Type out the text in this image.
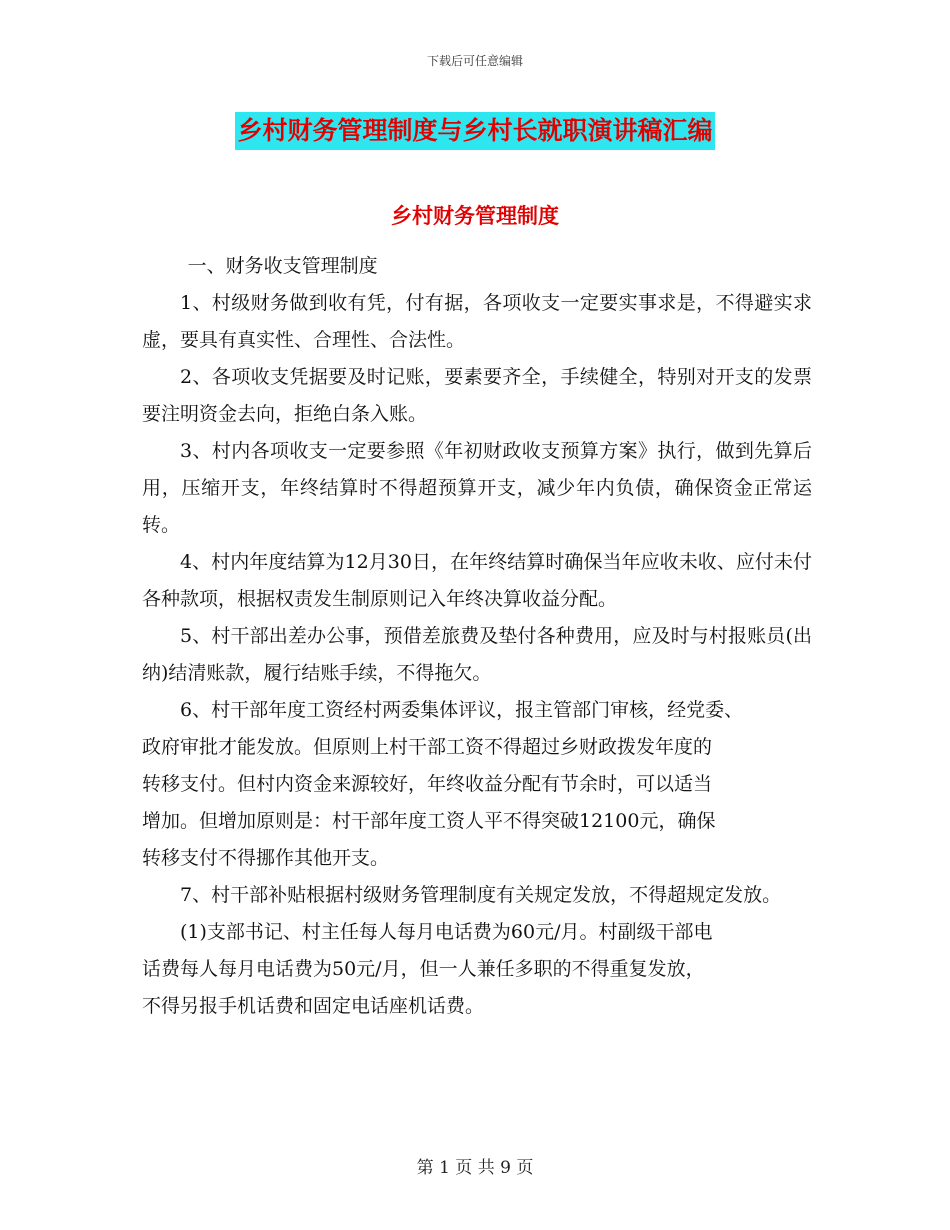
下载后可任意编辑
乡村财务管理制度与乡村长就职演讲稿汇编
乡村财务管理制度

一、财务收支管理制度

1、村级财务做到收有凭，付有据，各项收支一定要实事求是，不得避实求虚，要具有真实性、合理性、合法性。

2、各项收支凭据要及时记账，要素要齐全，手续健全，特别对开支的发票要注明资金去向，拒绝白条入账。

3、村内各项收支一定要参照《年初财政收支预算方案》执行，做到先算后用，压缩开支，年终结算时不得超预算开支，减少年内负债，确保资金正常运转。

4、村内年度结算为12月30日，在年终结算时确保当年应收未收、应付未付各种款项，根据权责发生制原则记入年终决算收益分配。

5、村干部出差办公事，预借差旅费及垫付各种费用，应及时与村报账员(出纳)结清账款，履行结账手续，不得拖欠。

6、村干部年度工资经村两委集体评议，报主管部门审核，经党委、
政府审批才能发放。但原则上村干部工资不得超过乡财政拨发年度的
转移支付。但村内资金来源较好，年终收益分配有节余时，可以适当
增加。但增加原则是：村干部年度工资人平不得突破12100元，确保
转移支付不得挪作其他开支。

7、村干部补贴根据村级财务管理制度有关规定发放，不得超规定发放。

(1)支部书记、村主任每人每月电话费为60元/月。村副级干部电
话费每人每月电话费为50元/月，但一人兼任多职的不得重复发放，
不得另报手机话费和固定电话座机话费。
第 1 页 共 9 页
